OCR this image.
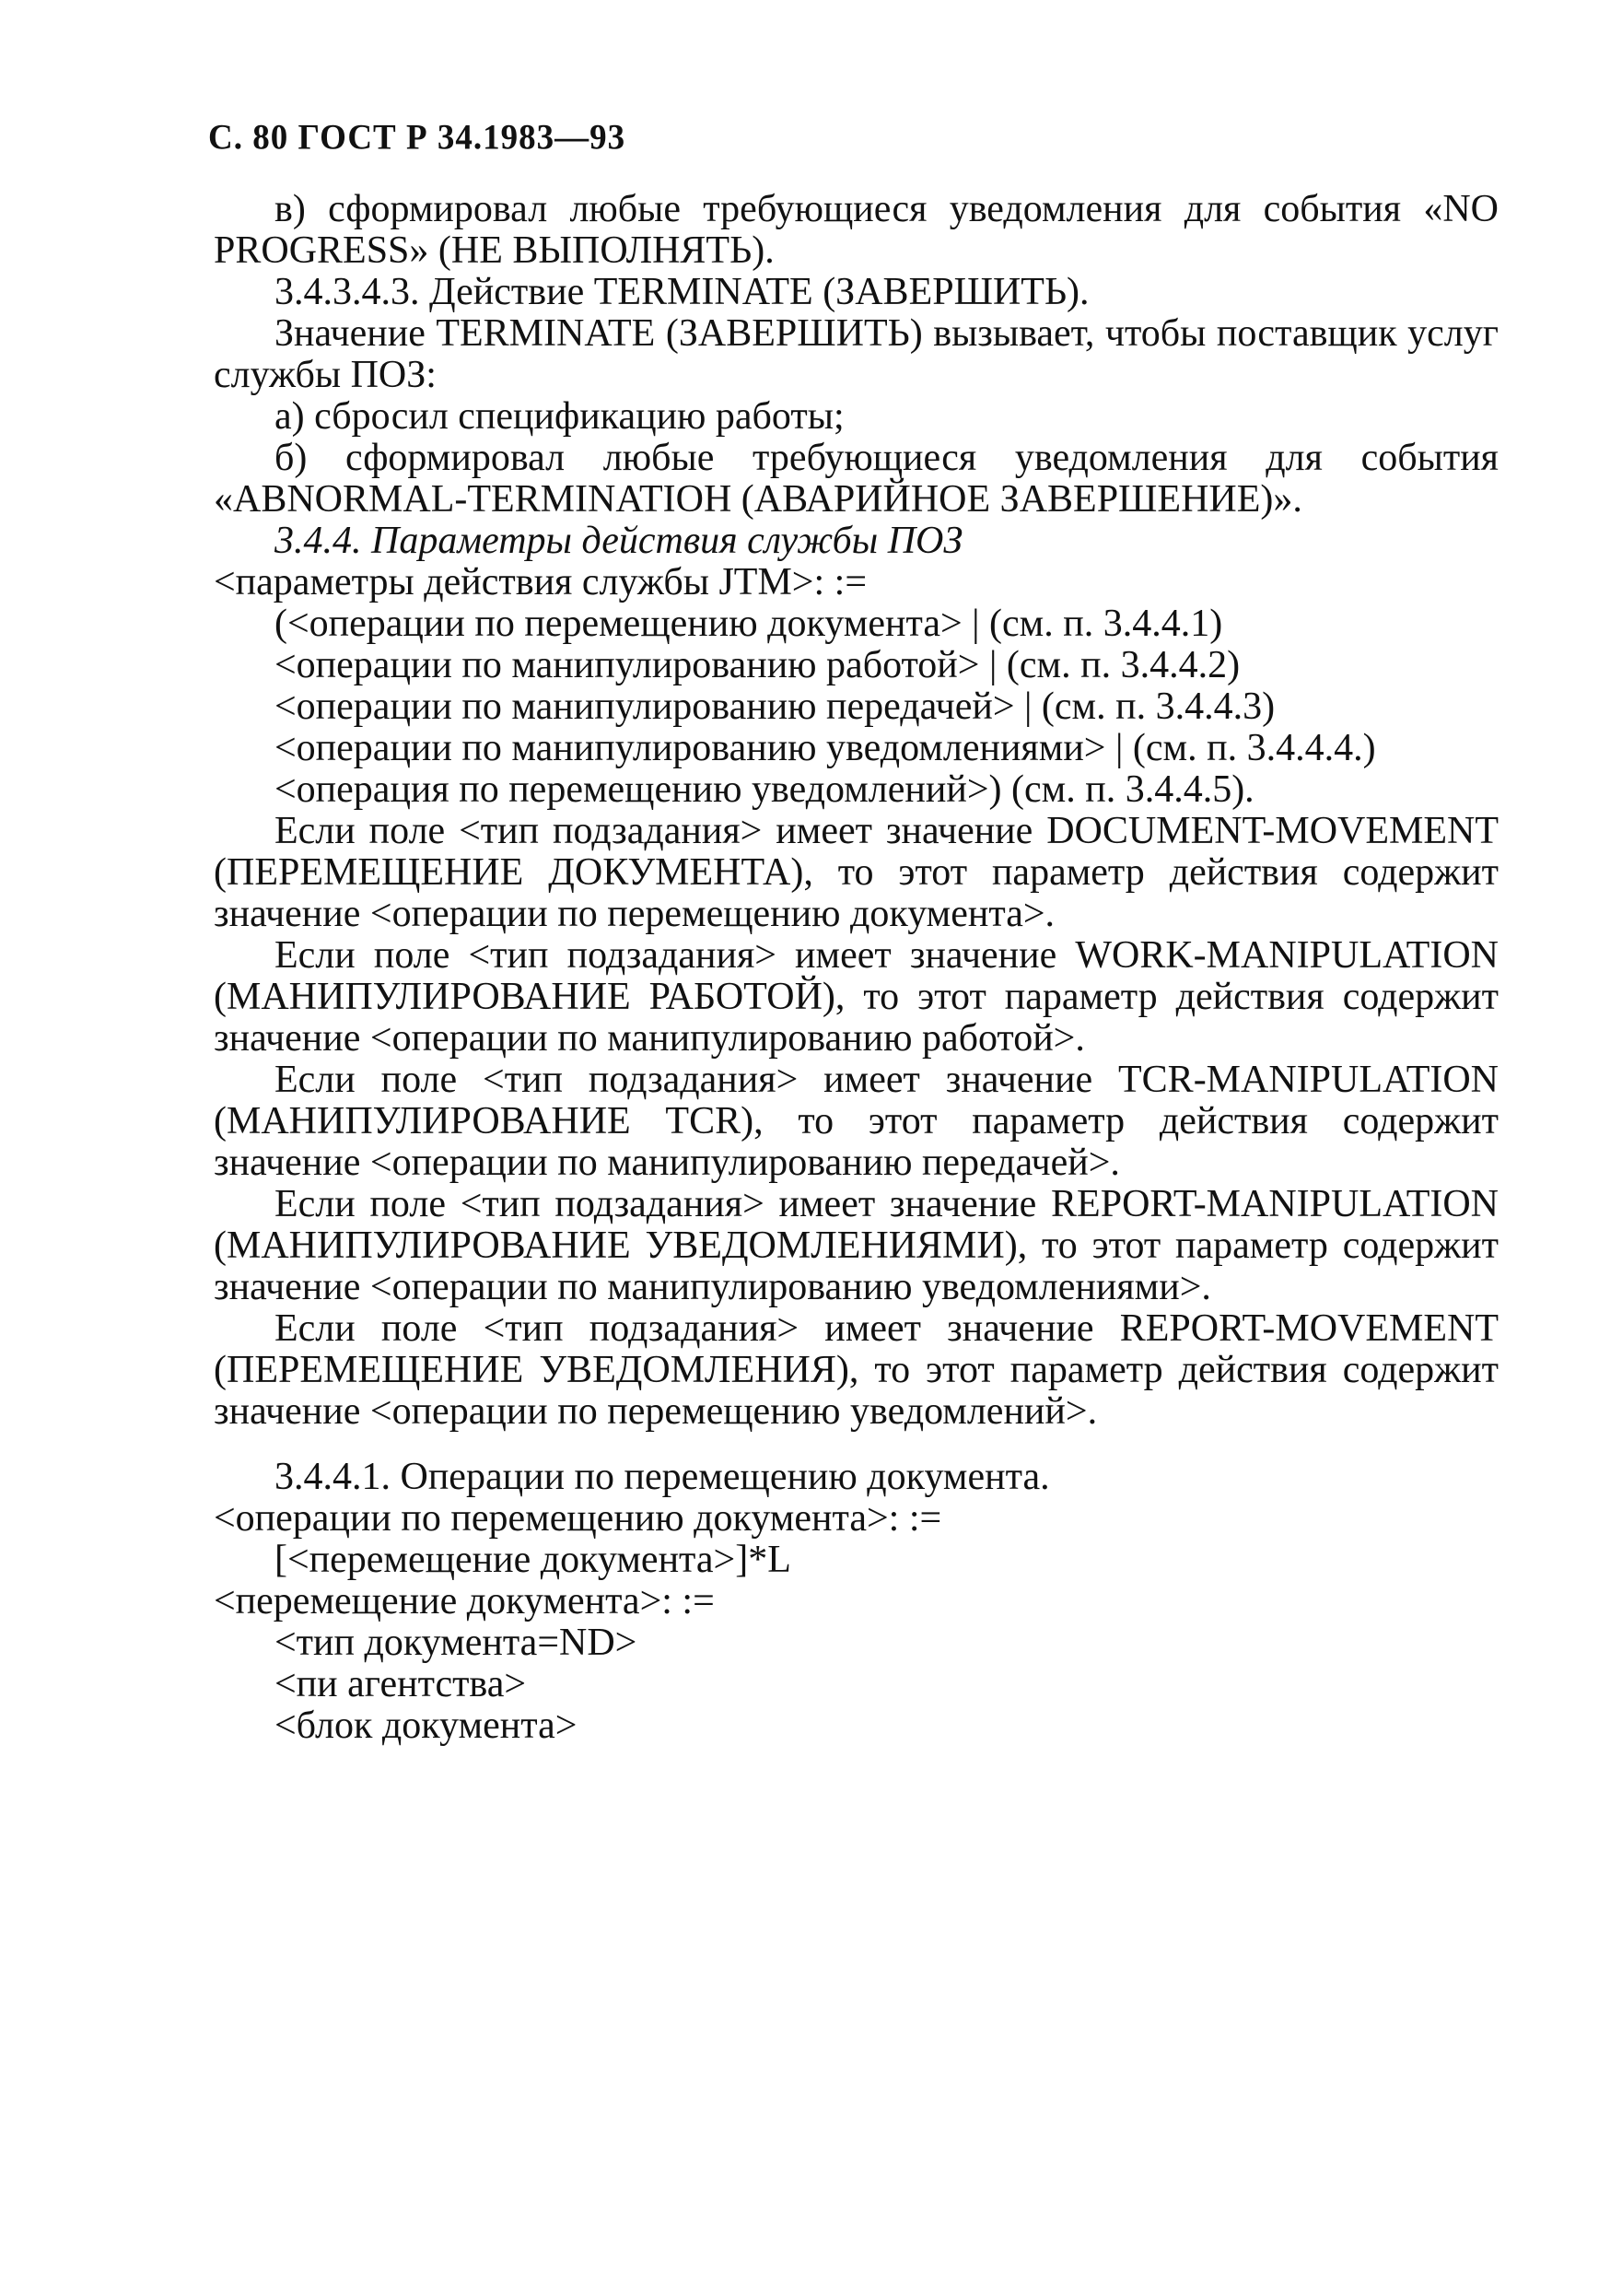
С. 80 ГОСТ Р 34.1983—93

в) сформировал любые требующиеся уведомления для события «NO PROGRESS» (НЕ ВЫПОЛНЯТЬ).

3.4.3.4.3. Действие TERMINATE (ЗАВЕРШИТЬ).

Значение TERMINATE (ЗАВЕРШИТЬ) вызывает, чтобы поставщик услуг службы ПОЗ:

а) сбросил спецификацию работы;

б) сформировал любые требующиеся уведомления для события «ABNORMAL-TERMINATIOH (АВАРИЙНОЕ ЗАВЕРШЕНИЕ)».

3.4.4. Параметры действия службы ПОЗ

<параметры действия службы JTM>: :=

(<операции по перемещению документа> | (см. п. 3.4.4.1)

<операции по манипулированию работой> | (см. п. 3.4.4.2)

<операции по манипулированию передачей> | (см. п. 3.4.4.3)

<операции по манипулированию уведомлениями> | (см. п. 3.4.4.4.)

<операция по перемещению уведомлений>) (см. п. 3.4.4.5).

Если поле <тип подзадания> имеет значение DOCUMENT-MOVEMENT (ПЕРЕМЕЩЕНИЕ ДОКУМЕНТА), то этот параметр действия содержит значение <операции по перемещению документа>.

Если поле <тип подзадания> имеет значение WORK-MANIPULATION (МАНИПУЛИРОВАНИЕ РАБОТОЙ), то этот параметр действия содержит значение <операции по манипулированию работой>.

Если поле <тип подзадания> имеет значение TCR-MANIPULATION (МАНИПУЛИРОВАНИЕ TCR), то этот параметр действия содержит значение <операции по манипулированию передачей>.

Если поле <тип подзадания> имеет значение REPORT-MANIPULATION (МАНИПУЛИРОВАНИЕ УВЕДОМЛЕНИЯМИ), то этот параметр содержит значение <операции по манипулированию уведомлениями>.

Если поле <тип подзадания> имеет значение REPORT-MOVEMENT (ПЕРЕМЕЩЕНИЕ УВЕДОМЛЕНИЯ), то этот параметр действия содержит значение <операции по перемещению уведомлений>.

3.4.4.1. Операции по перемещению документа.

<операции по перемещению документа>: :=

[<перемещение документа>]*L

<перемещение документа>: :=

<тип документа=ND>

<пи агентства>

<блок документа>
